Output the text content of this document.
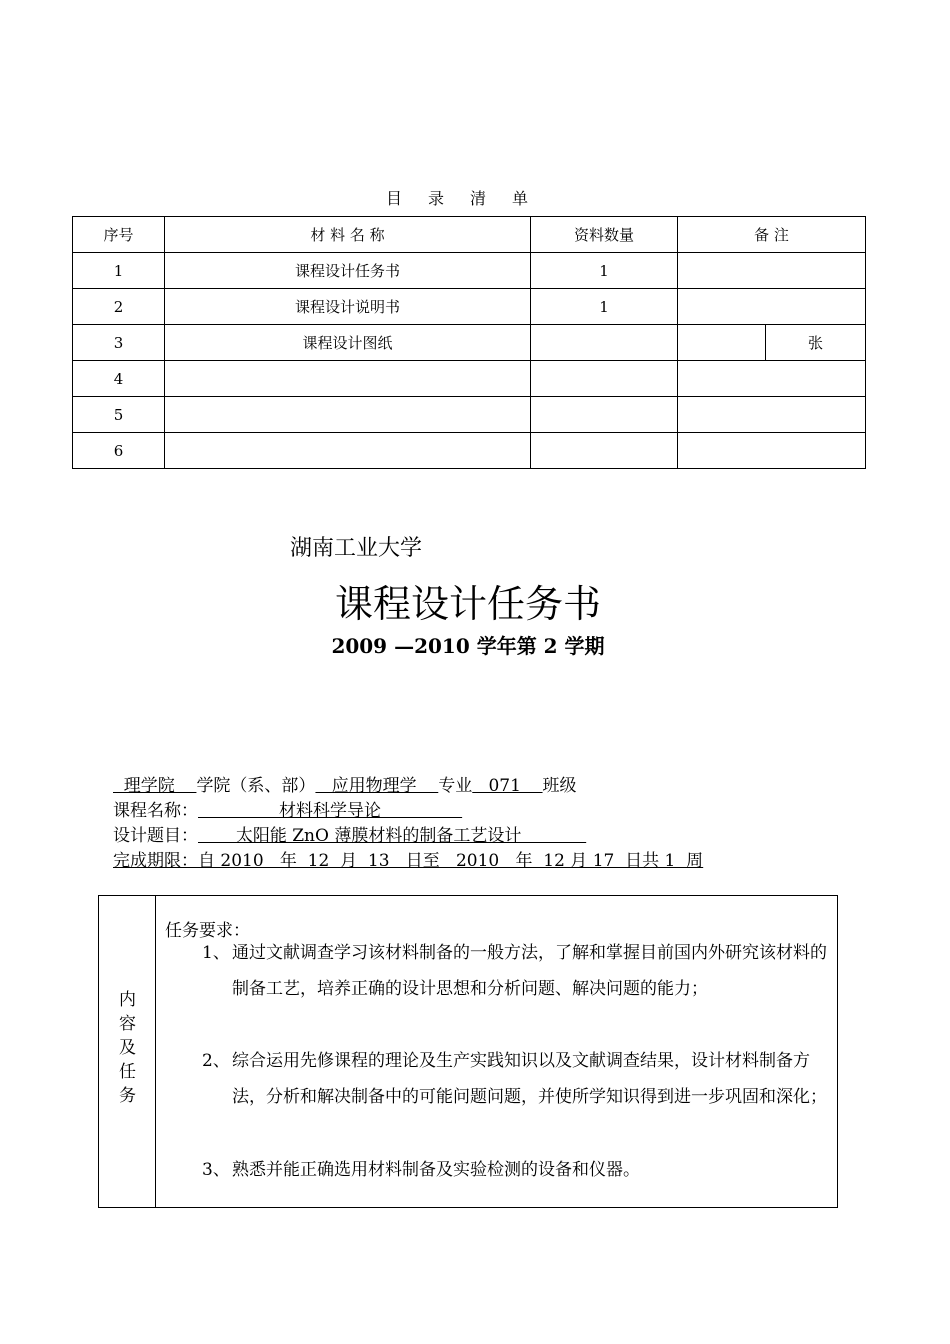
目录清单
序号	材 料 名 称	资料数量	备 注	
1	课程设计任务书	1		
2	课程设计说明书	1		
3	课程设计图纸			张
4				
5				
6				
湖南工业大学
课程设计任务书
2009 —2010 学年第 2 学期
理学院    学院（系、部）   应用物理学    专业   071    班级
课程名称：               材料科学导论
设计题目：       太阳能 ZnO 薄膜材料的制备工艺设计
完成期限：自 2010   年  12  月  13   日至   2010   年  12 月 17  日共 1  周
内
容
及
任
务
任务要求：
1、 通过文献调查学习该材料制备的一般方法，了解和掌握目前国内外研究该材料的制备工艺，培养正确的设计思想和分析问题、解决问题的能力；
2、 综合运用先修课程的理论及生产实践知识以及文献调查结果，设计材料制备方法，分析和解决制备中的可能问题问题，并使所学知识得到进一步巩固和深化；
3、 熟悉并能正确选用材料制备及实验检测的设备和仪器。
